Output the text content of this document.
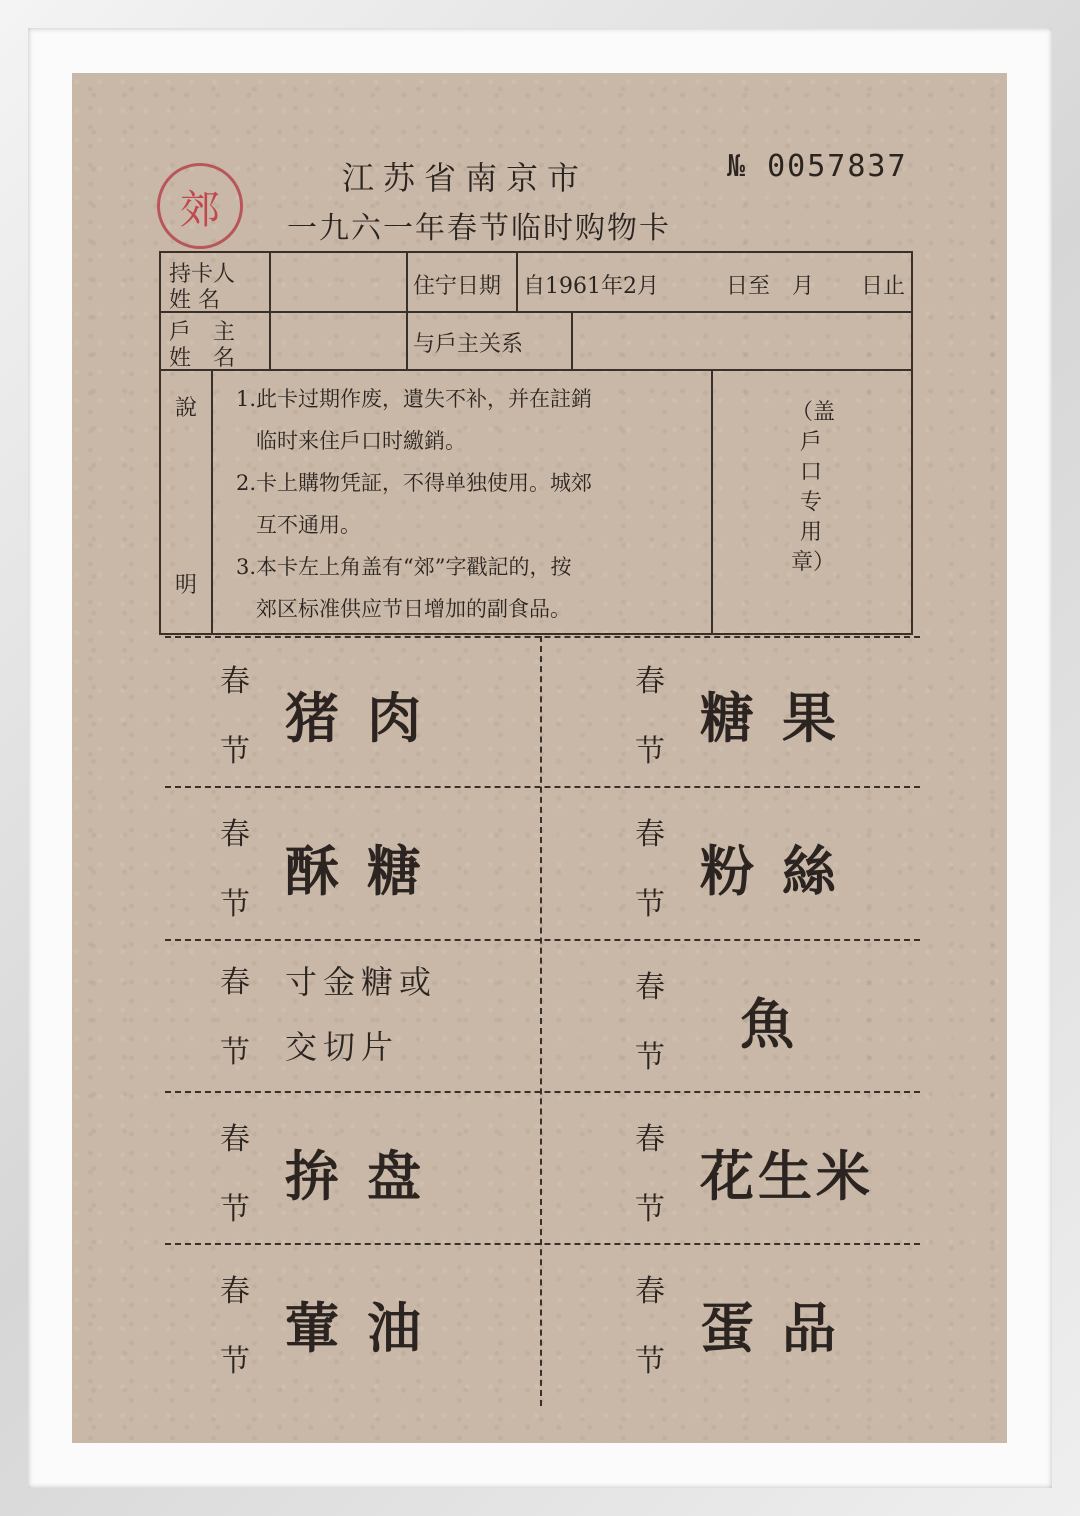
郊
江苏省南京市	№ 0057837
一九六一年春节临时购物卡
持卡人
姓 名
住宁日期 自1961年2月	日至　月 日止
戶　主
姓　名
与戶主关系
說
明
1.此卡过期作废，遺失不补，并在註銷
临时来住戶口时繳銷。
2.卡上購物凭証，不得单独使用。城郊
互不通用。
3.本卡左上角盖有“郊”字戳記的，按
郊区标准供应节日增加的副食品。
（盖戶口专用章）
春
节
猪肉
春
节
糖果
春
节
酥糖
春
节
粉絲
春
节
寸金糖或
交切片
春
节
魚
春
节
拚盘
春
节
花生米
春
节
葷油
春
节
蛋品
